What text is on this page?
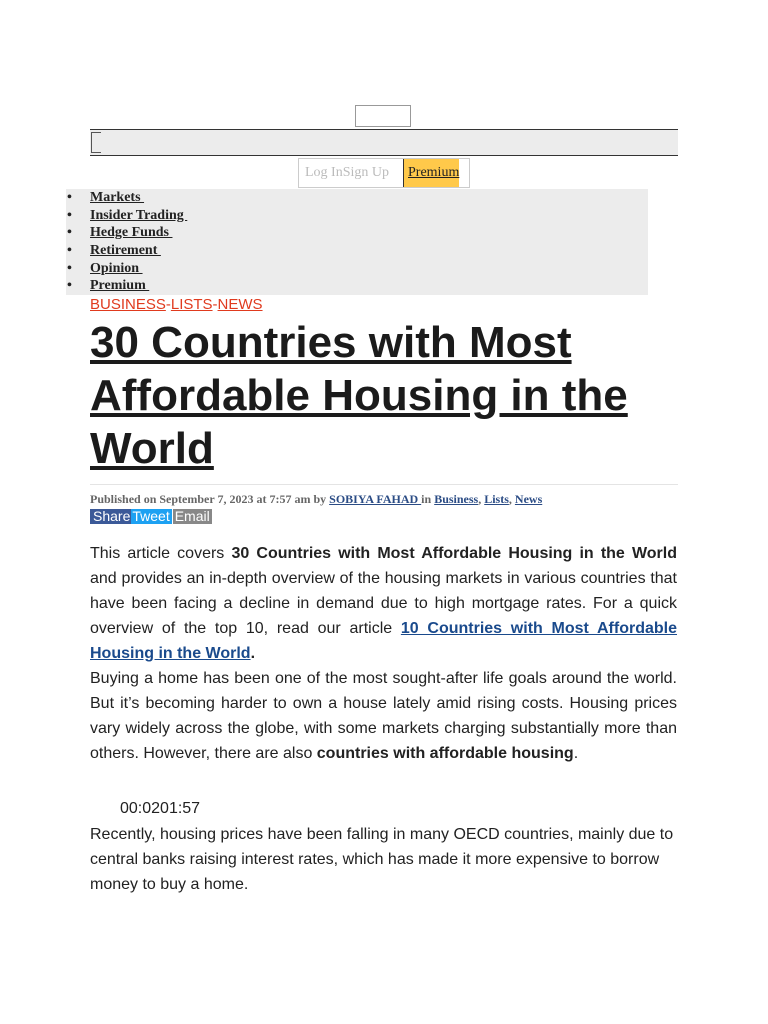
Log InSign Up Premium
• Markets
• Insider Trading
• Hedge Funds
• Retirement
• Opinion
• Premium
BUSINESS-LISTS-NEWS
30 Countries with Most Affordable Housing in the World
Published on September 7, 2023 at 7:57 am by SOBIYA FAHAD in Business, Lists, News
ShareTweet Email

This article covers 30 Countries with Most Affordable Housing in the World and provides an in-depth overview of the housing markets in various countries that have been facing a decline in demand due to high mortgage rates. For a quick overview of the top 10, read our article 10 Countries with Most Affordable Housing in the World.

Buying a home has been one of the most sought-after life goals around the world. But it’s becoming harder to own a house lately amid rising costs. Housing prices vary widely across the globe, with some markets charging substantially more than others. However, there are also countries with affordable housing.

00:0201:57

Recently, housing prices have been falling in many OECD countries, mainly due to central banks raising interest rates, which has made it more expensive to borrow money to buy a home.
